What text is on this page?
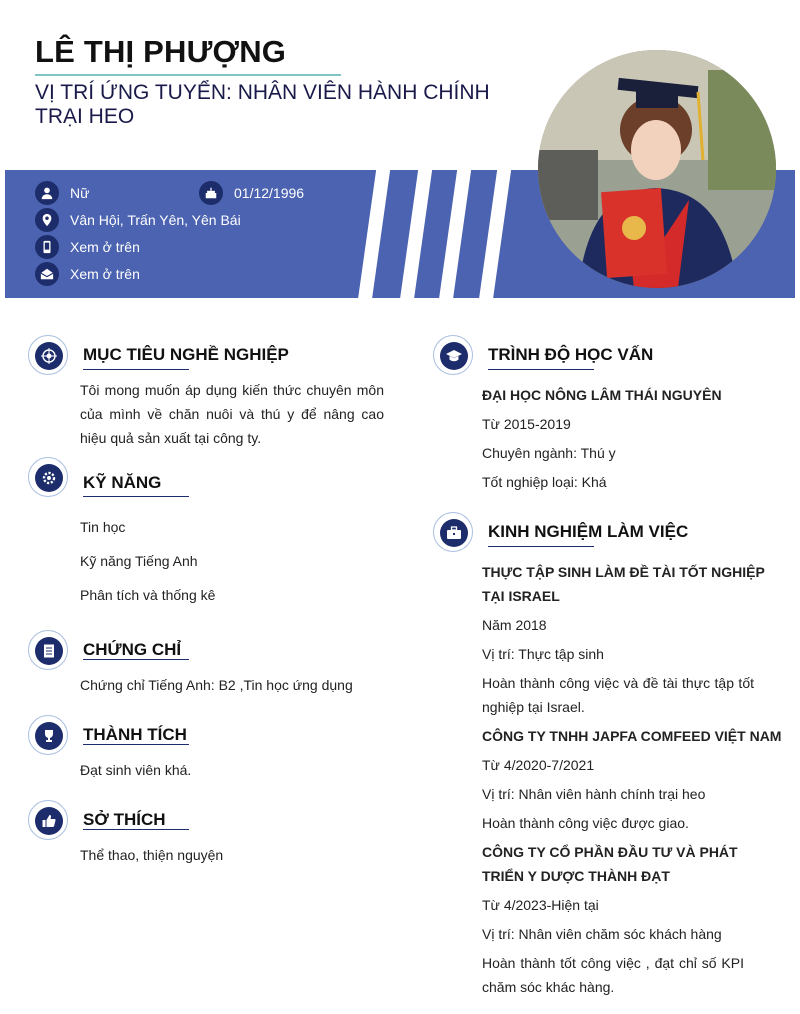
LÊ THỊ PHƯỢNG
VỊ TRÍ ỨNG TUYỂN: NHÂN VIÊN HÀNH CHÍNH TRẠI HEO
Nữ	01/12/1996
Vân Hội, Trấn Yên, Yên Bái
Xem ở trên
Xem ở trên
MỤC TIÊU NGHỀ NGHIỆP
Tôi mong muốn áp dụng kiến thức chuyên môn của mình về chăn nuôi và thú y để nâng cao hiệu quả sản xuất tại công ty.
KỸ NĂNG
Tin học
Kỹ năng Tiếng Anh
Phân tích và thống kê
CHỨNG CHỈ
Chứng chỉ Tiếng Anh: B2 ,Tin học ứng dụng
THÀNH TÍCH
Đạt sinh viên khá.
SỞ THÍCH
Thể thao, thiện nguyện
TRÌNH ĐỘ HỌC VẤN
ĐẠI HỌC NÔNG LÂM THÁI NGUYÊN
Từ 2015-2019
Chuyên ngành: Thú y
Tốt nghiệp loại: Khá
KINH NGHIỆM LÀM VIỆC
THỰC TẬP SINH LÀM ĐỀ TÀI TỐT NGHIỆP TẠI ISRAEL
Năm 2018
Vị trí: Thực tập sinh
Hoàn thành công việc và đề tài thực tập tốt nghiệp tại Israel.
CÔNG TY TNHH JAPFA COMFEED VIỆT NAM
Từ 4/2020-7/2021
Vị trí: Nhân viên hành chính trại heo
Hoàn thành công việc được giao.
CÔNG TY CỔ PHẦN ĐẦU TƯ VÀ PHÁT TRIỂN Y DƯỢC THÀNH ĐẠT
Từ 4/2023-Hiện tại
Vị trí: Nhân viên chăm sóc khách hàng
Hoàn thành tốt công việc , đạt chỉ số KPI chăm sóc khác hàng.
